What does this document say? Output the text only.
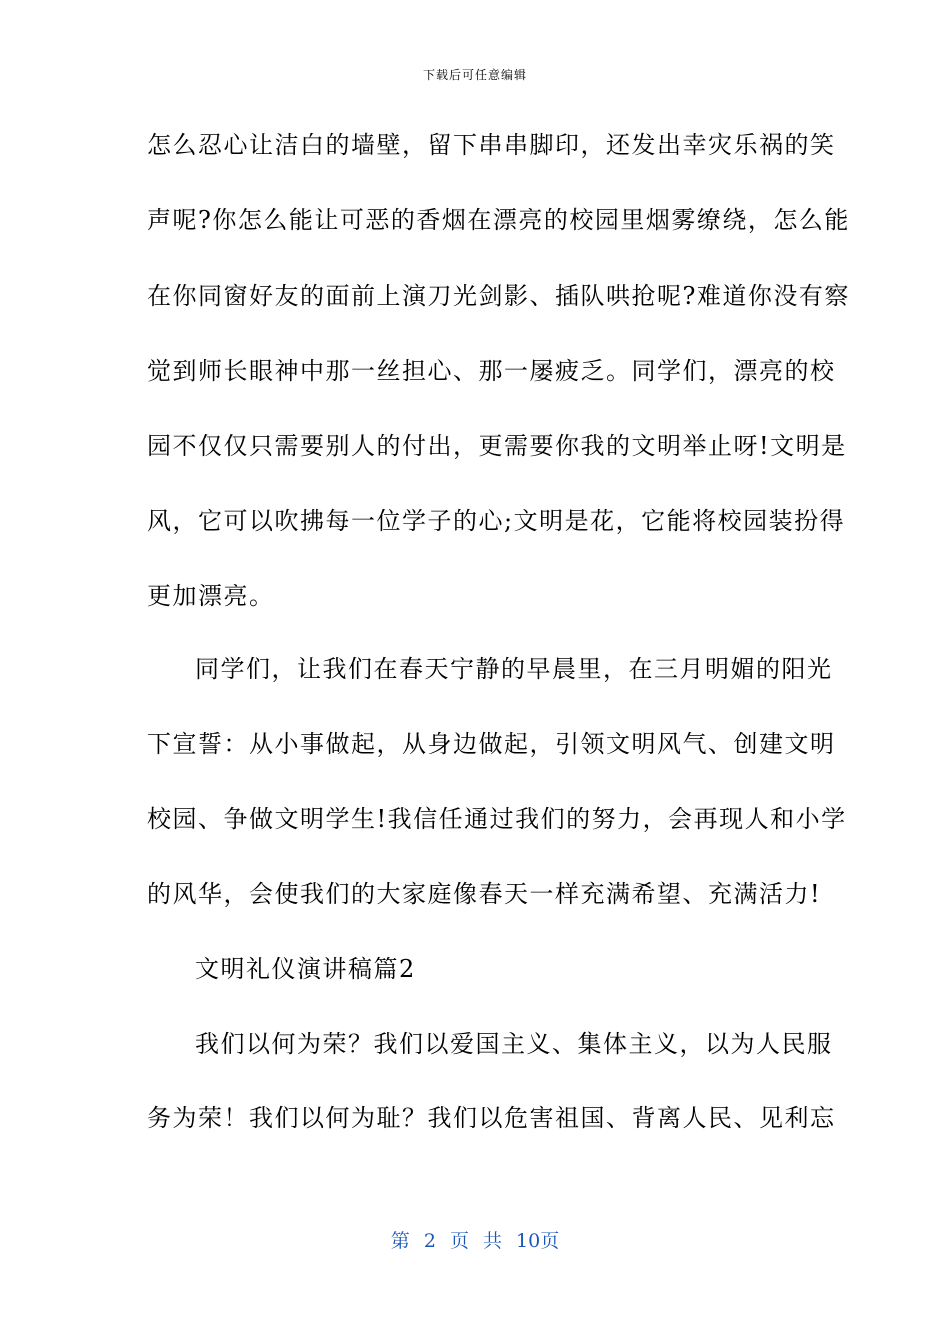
下载后可任意编辑
怎么忍心让洁白的墙壁，留下串串脚印，还发出幸灾乐祸的笑
声呢?你怎么能让可恶的香烟在漂亮的校园里烟雾缭绕，怎么能
在你同窗好友的面前上演刀光剑影、插队哄抢呢?难道你没有察
觉到师长眼神中那一丝担心、那一屡疲乏。同学们，漂亮的校
园不仅仅只需要别人的付出，更需要你我的文明举止呀!文明是
风，它可以吹拂每一位学子的心;文明是花，它能将校园装扮得
更加漂亮。
同学们，让我们在春天宁静的早晨里，在三月明媚的阳光
下宣誓：从小事做起，从身边做起，引领文明风气、创建文明
校园、争做文明学生!我信任通过我们的努力，会再现人和小学
的风华，会使我们的大家庭像春天一样充满希望、充满活力!
文明礼仪演讲稿篇2
我们以何为荣？我们以爱国主义、集体主义，以为人民服
务为荣！我们以何为耻？我们以危害祖国、背离人民、见利忘
第 2 页 共 10页
